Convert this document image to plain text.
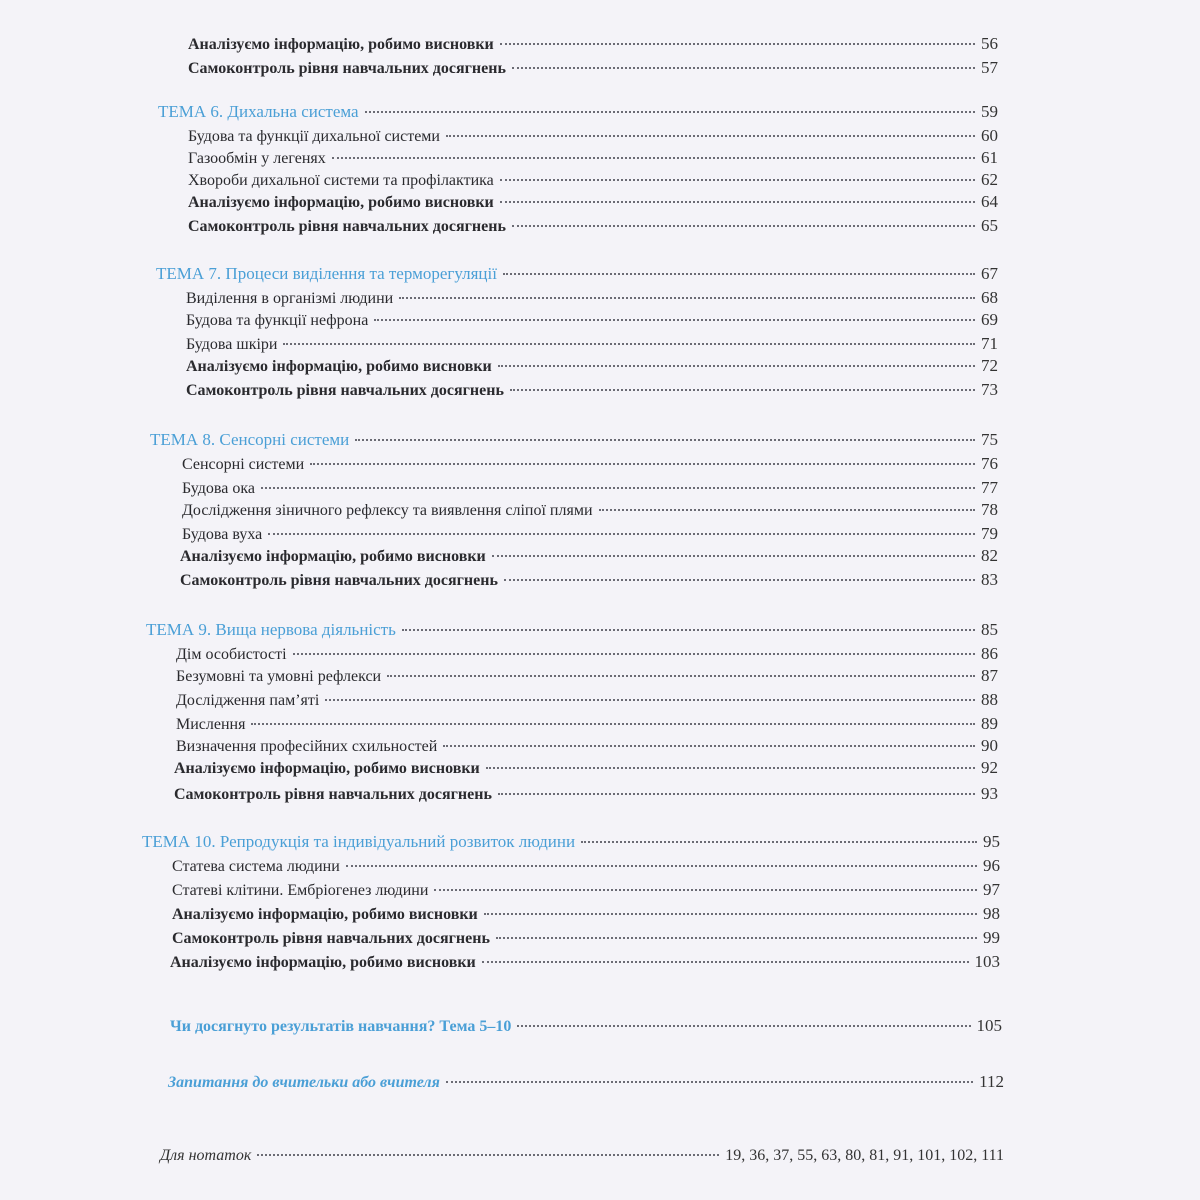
Аналізуємо інформацію, робимо висновки	56
Самоконтроль рівня навчальних досягнень	57
ТЕМА 6. Дихальна система	59
Будова та функції дихальної системи	60
Газообмін у легенях	61
Хвороби дихальної системи та профілактика	62
Аналізуємо інформацію, робимо висновки	64
Самоконтроль рівня навчальних досягнень	65
ТЕМА 7. Процеси виділення та терморегуляції	67
Виділення в організмі людини	68
Будова та функції нефрона	69
Будова шкіри	71
Аналізуємо інформацію, робимо висновки	72
Самоконтроль рівня навчальних досягнень	73
ТЕМА 8. Сенсорні системи	75
Сенсорні системи	76
Будова ока	77
Дослідження зіничного рефлексу та виявлення сліпої плями	78
Будова вуха	79
Аналізуємо інформацію, робимо висновки	82
Самоконтроль рівня навчальних досягнень	83
ТЕМА 9. Вища нервова діяльність	85
Дім особистості	86
Безумовні та умовні рефлекси	87
Дослідження пам’яті	88
Мислення	89
Визначення професійних схильностей	90
Аналізуємо інформацію, робимо висновки	92
Самоконтроль рівня навчальних досягнень	93
ТЕМА 10. Репродукція та індивідуальний розвиток людини	95
Статева система людини	96
Статеві клітини. Ембріогенез людини	97
Аналізуємо інформацію, робимо висновки	98
Самоконтроль рівня навчальних досягнень	99
Аналізуємо інформацію, робимо висновки	103
Чи досягнуто результатів навчання? Тема 5–10	105
Запитання до вчительки або вчителя	112
Для нотаток	19, 36, 37, 55, 63, 80, 81, 91, 101, 102, 111
